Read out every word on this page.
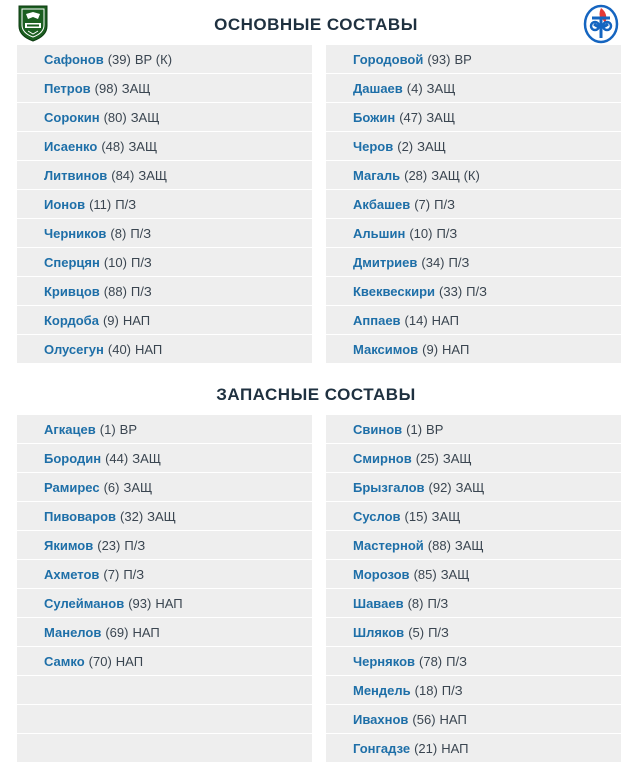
ОСНОВНЫЕ СОСТАВЫ
Сафонов (39) ВР (К)
Петров (98) ЗАЩ
Сорокин (80) ЗАЩ
Исаенко (48) ЗАЩ
Литвинов (84) ЗАЩ
Ионов (11) П/З
Черников (8) П/З
Сперцян (10) П/З
Кривцов (88) П/З
Кордоба (9) НАП
Олусегун (40) НАП
Городовой (93) ВР
Дашаев (4) ЗАЩ
Божин (47) ЗАЩ
Черов (2) ЗАЩ
Магаль (28) ЗАЩ (К)
Акбашев (7) П/З
Альшин (10) П/З
Дмитриев (34) П/З
Квеквескири (33) П/З
Аппаев (14) НАП
Максимов (9) НАП
ЗАПАСНЫЕ СОСТАВЫ
Агкацев (1) ВР
Бородин (44) ЗАЩ
Рамирес (6) ЗАЩ
Пивоваров (32) ЗАЩ
Якимов (23) П/З
Ахметов (7) П/З
Сулейманов (93) НАП
Манелов (69) НАП
Самко (70) НАП
Свинов (1) ВР
Смирнов (25) ЗАЩ
Брызгалов (92) ЗАЩ
Суслов (15) ЗАЩ
Мастерной (88) ЗАЩ
Морозов (85) ЗАЩ
Шаваев (8) П/З
Шляков (5) П/З
Черняков (78) П/З
Мендель (18) П/З
Ивахнов (56) НАП
Гонгадзе (21) НАП
